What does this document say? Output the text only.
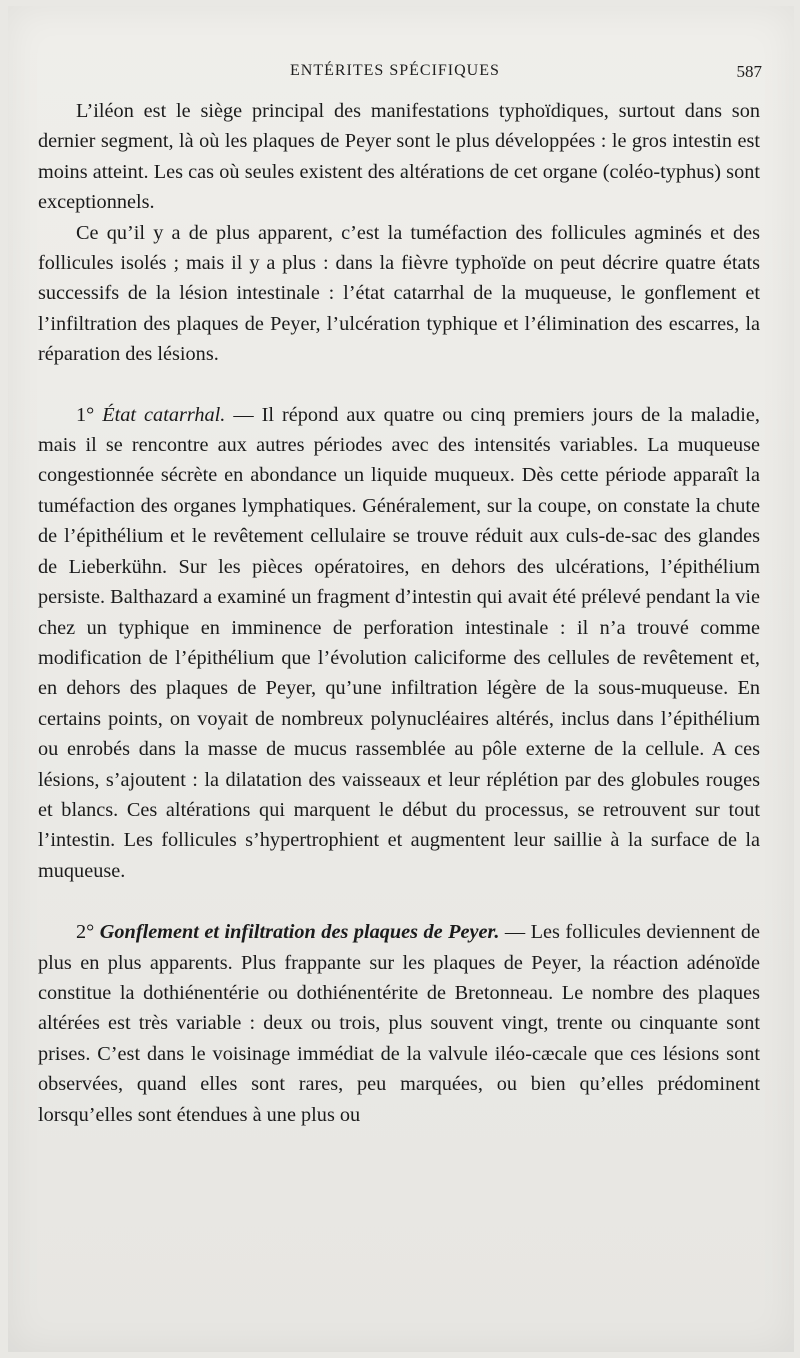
ENTÉRITES SPÉCIFIQUES	587

L’iléon est le siège principal des manifestations typhoïdiques, surtout dans son dernier segment, là où les plaques de Peyer sont le plus développées : le gros intestin est moins atteint. Les cas où seules existent des altérations de cet organe (coléo-typhus) sont exceptionnels.

Ce qu’il y a de plus apparent, c’est la tuméfaction des follicules agminés et des follicules isolés ; mais il y a plus : dans la fièvre typhoïde on peut décrire quatre états successifs de la lésion intestinale : l’état catarrhal de la muqueuse, le gonflement et l’infiltration des plaques de Peyer, l’ulcération typhique et l’élimination des escarres, la réparation des lésions.

1° État catarrhal. — Il répond aux quatre ou cinq premiers jours de la maladie, mais il se rencontre aux autres périodes avec des intensités variables. La muqueuse congestionnée sécrète en abondance un liquide muqueux. Dès cette période apparaît la tuméfaction des organes lymphatiques. Généralement, sur la coupe, on constate la chute de l’épithélium et le revêtement cellulaire se trouve réduit aux culs-de-sac des glandes de Lieberkühn. Sur les pièces opératoires, en dehors des ulcérations, l’épithélium persiste. Balthazard a examiné un fragment d’intestin qui avait été prélevé pendant la vie chez un typhique en imminence de perforation intestinale : il n’a trouvé comme modification de l’épithélium que l’évolution caliciforme des cellules de revêtement et, en dehors des plaques de Peyer, qu’une infiltration légère de la sous-muqueuse. En certains points, on voyait de nombreux polynucléaires altérés, inclus dans l’épithélium ou enrobés dans la masse de mucus rassemblée au pôle externe de la cellule. A ces lésions, s’ajoutent : la dilatation des vaisseaux et leur réplétion par des globules rouges et blancs. Ces altérations qui marquent le début du processus, se retrouvent sur tout l’intestin. Les follicules s’hypertrophient et augmentent leur saillie à la surface de la muqueuse.

2° Gonflement et infiltration des plaques de Peyer. — Les follicules deviennent de plus en plus apparents. Plus frappante sur les plaques de Peyer, la réaction adénoïde constitue la dothiénentérie ou dothiénentérite de Bretonneau. Le nombre des plaques altérées est très variable : deux ou trois, plus souvent vingt, trente ou cinquante sont prises. C’est dans le voisinage immédiat de la valvule iléo-cæcale que ces lésions sont observées, quand elles sont rares, peu marquées, ou bien qu’elles prédominent lorsqu’elles sont étendues à une plus ou
